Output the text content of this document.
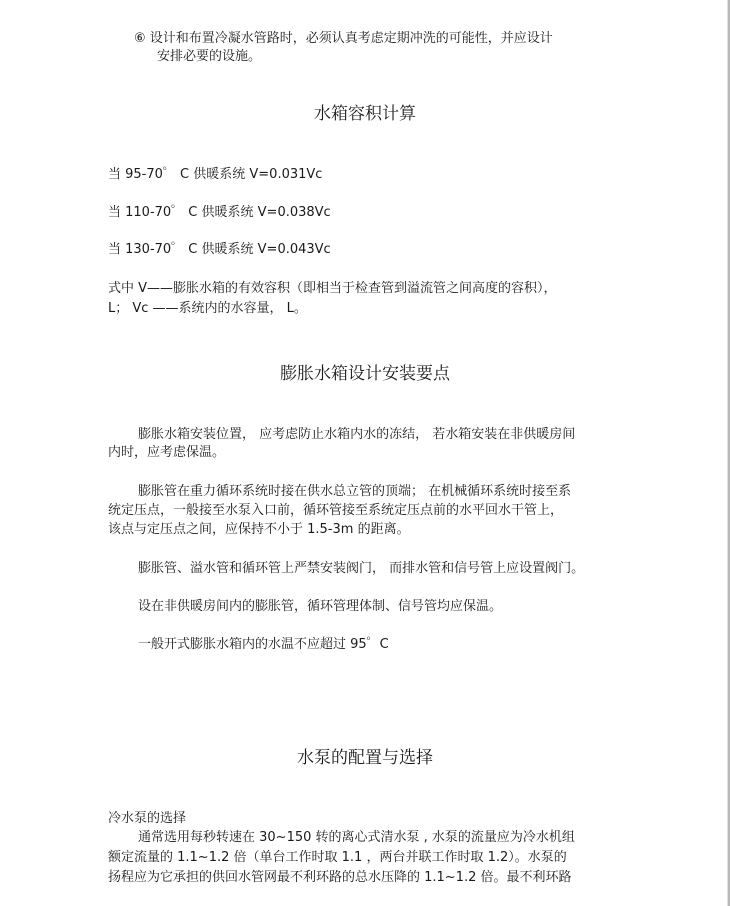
⑥ 设计和布置冷凝水管路时，必须认真考虑定期冲洗的可能性，并应设计
安排必要的设施。
水箱容积计算
当 95-70゜ C 供暖系统 V=0.031Vc
当 110-70゜ C 供暖系统 V=0.038Vc
当 130-70゜ C 供暖系统 V=0.043Vc
式中 V——膨胀水箱的有效容积（即相当于检查管到溢流管之间高度的容积），
L； Vc ——系统内的水容量， L。
膨胀水箱设计安装要点
膨胀水箱安装位置， 应考虑防止水箱内水的冻结， 若水箱安装在非供暖房间
内时，应考虑保温。
膨胀管在重力循环系统时接在供水总立管的顶端； 在机械循环系统时接至系
统定压点，一般接至水泵入口前，循环管接至系统定压点前的水平回水干管上，
该点与定压点之间，应保持不小于 1.5-3m 的距离。
膨胀管、溢水管和循环管上严禁安装阀门， 而排水管和信号管上应设置阀门。
设在非供暖房间内的膨胀管，循环管理体制、信号管均应保温。
一般开式膨胀水箱内的水温不应超过 95゜C
水泵的配置与选择
冷水泵的选择
通常选用每秒转速在 30~150 转的离心式清水泵 , 水泵的流量应为冷水机组
额定流量的 1.1~1.2 倍（单台工作时取 1.1 ，两台并联工作时取 1.2）。水泵的
扬程应为它承担的供回水管网最不利环路的总水压降的 1.1~1.2 倍。最不利环路
